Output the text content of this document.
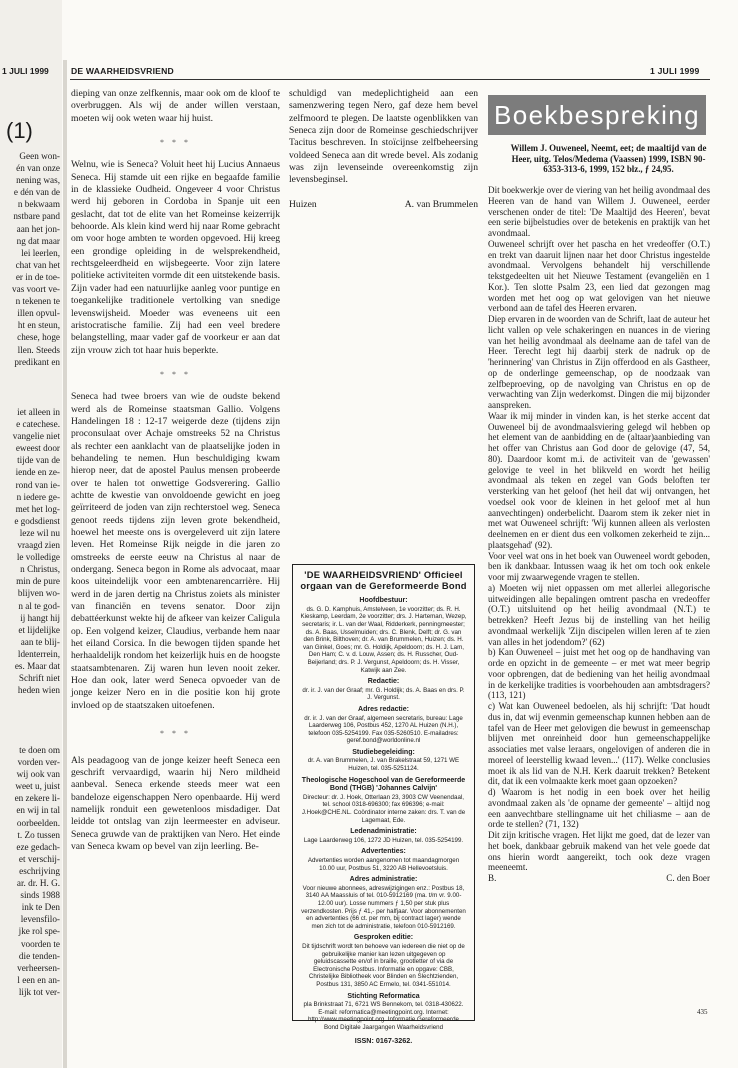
1 JULI 1999
(1)
Geen won-
én van onze
nening was,
e dén van de
n bekwaam
nstbare pand
aan het jon-
ng dat maar
lei leerlen,
chat van het
er in de toe-
vas voort ve-
n tekenen te
illen opvul-
ht en steun,
chese, hoge
llen. Steeds
predikant en
iet alleen in
e catechese.
vangelie niet
eweest door
tijde van de
iende en ze-
rond van ie-
n iedere ge-
met het log-
e godsdienst
leze wil nu
vraagd zien
le volledige
n Christus,
min de pure
blijven wo-
n al te god-
ij hangt hij
et lijdelijke
aan te blij-
ldenterrein,
es. Maar dat
Schrift niet
heden wien
te doen om
vorden ver-
wij ook van
weet u, juist
en zekere li-
en wij in tal
oorbeelden.
t. Zo tussen
eze gedach-
et verschij-
eschrijving
ar. dr. H. G.
sinds 1988
ink te Den
levensfilo-
jke rol spe-
voorden te
die tenden-
verheersen-
l een en an-
lijk tot ver-
DE WAARHEIDSVRIEND	1 JULI 1999

dieping van onze zelfkennis, maar ook om de kloof te overbruggen. Als wij de ander willen verstaan, moeten wij ook weten waar hij huist.

* * *

Welnu, wie is Seneca? Voluit heet hij Lucius Annaeus Seneca. Hij stamde uit een rijke en begaafde familie in de klassieke Oudheid. Ongeveer 4 voor Christus werd hij geboren in Cordoba in Spanje uit een geslacht, dat tot de elite van het Romeinse keizerrijk behoorde. Als klein kind werd hij naar Rome gebracht om voor hoge ambten te worden opgevoed. Hij kreeg een grondige opleiding in de welsprekendheid, rechtsgeleerdheid en wijsbegeerte. Voor zijn latere politieke activiteiten vormde dit een uitstekende basis. Zijn vader had een natuurlijke aanleg voor puntige en toegankelijke traditionele vertolking van snedige levenswijsheid. Moeder was eveneens uit een aristocratische familie. Zij had een veel bredere belangstelling, maar vader gaf de voorkeur er aan dat zijn vrouw zich tot haar huis beperkte.

* * *

Seneca had twee broers van wie de oudste bekend werd als de Romeinse staatsman Gallio. Volgens Handelingen 18 : 12-17 weigerde deze (tijdens zijn proconsulaat over Achaje omstreeks 52 na Christus als rechter een aanklacht van de plaatselijke joden in behandeling te nemen. Hun beschuldiging kwam hierop neer, dat de apostel Paulus mensen probeerde over te halen tot onwettige Godsverering. Gallio achtte de kwestie van onvoldoende gewicht en joeg geïrriteerd de joden van zijn rechterstoel weg. Seneca genoot reeds tijdens zijn leven grote bekendheid, hoewel het meeste ons is overgeleverd uit zijn latere leven. Het Romeinse Rijk neigde in die jaren zo omstreeks de eerste eeuw na Christus al naar de ondergang. Seneca begon in Rome als advocaat, maar koos uiteindelijk voor een ambtenarencarrière. Hij werd in de jaren dertig na Christus zoiets als minister van financiën en tevens senator. Door zijn debattéerkunst wekte hij de afkeer van keizer Caligula op. Een volgend keizer, Claudius, verbande hem naar het eiland Corsica. In die bewogen tijden spande het herhaaldelijk rondom het keizerlijk huis en de hoogste staatsambtenaren. Zij waren hun leven nooit zeker. Hoe dan ook, later werd Seneca opvoeder van de jonge keizer Nero en in die positie kon hij grote invloed op de staatszaken uitoefenen.

* * *

Als peadagoog van de jonge keizer heeft Seneca een geschrift vervaardigd, waarin hij Nero mildheid aanbeval. Seneca erkende steeds meer wat een bandeloze eigenschappen Nero openbaarde. Hij werd namelijk ronduit een gewetenloos misdadiger. Dat leidde tot ontslag van zijn leermeester en adviseur. Seneca gruwde van de praktijken van Nero. Het einde van Seneca kwam op bevel van zijn leerling. Be-

schuldigd van medeplichtigheid aan een samenzwering tegen Nero, gaf deze hem bevel zelfmoord te plegen. De laatste ogenblikken van Seneca zijn door de Romeinse geschiedschrijver Tacitus beschreven. In stoïcijnse zelfbeheersing voldeed Seneca aan dit wrede bevel. Als zodanig was zijn levenseinde overeenkomstig zijn levensbeginsel.

Huizen	A. van Brummelen
'DE WAARHEIDSVRIEND' Officieel orgaan van de Gereformeerde Bond
Hoofdbestuur:
ds. G. D. Kamphuis, Amstelveen, 1e voorzitter; ds. R. H. Kieskamp, Leerdam, 2e voorzitter; drs. J. Harteman, Wezep, secretaris; ir. L. van der Waal, Ridderkerk, penningmeester; ds. A. Baas, Usselmuiden; drs. C. Blenk, Delft; dr. G. van den Brink, Bilthoven; dr. A. van Brummelen, Huizen; ds. H. van Ginkel, Goes; mr. G. Holdijk, Apeldoorn; ds. H. J. Lam, Den Ham; C. v. d. Louw, Assen; ds. H. Russcher, Oud-Beijerland; drs. P. J. Vergunst, Apeldoorn; ds. H. Visser, Katwijk aan Zee.
Redactie:
dr. ir. J. van der Graaf; mr. G. Holdijk; ds. A. Baas en drs. P. J. Vergunst.
Adres redactie:
dr. ir. J. van der Graaf, algemeen secretaris, bureau: Lage Laarderweg 106, Postbus 452, 1270 AL Huizen (N.H.), telefoon 035-5254199. Fax 035-5260510. E-mailadres: geref.bond@worldonline.nl
Studiebegeleiding:
dr. A. van Brummelen, J. van Brakelstraat 59, 1271 WE Huizen, tel. 035-5251124.
Theologische Hogeschool van de Gereformeerde Bond (THGB) 'Johannes Calvijn'
Directeur: dr. J. Hoek, Otterlaan 23, 3903 CW Veenendaal, tel. school 0318-696300; fax 696396; e-mail: J.Hoek@CHE.NL. Coördinator interne zaken: drs. T. van de Lagemaat, Ede.
Ledenadministratie:
Lage Laarderweg 106, 1272 JD Huizen, tel. 035-5254199.
Advertenties:
Advertenties worden aangenomen tot maandagmorgen 10.00 uur, Postbus 51, 3220 AB Hellevoetsluis.
Adres administratie:
Voor nieuwe abonnees, adreswijzigingen enz.: Postbus 18, 3140 AA Maassluis of tel. 010-5912169 (ma. t/m vr. 9.00-12.00 uur). Losse nummers ƒ 1,50 per stuk plus verzendkosten. Prijs ƒ 41,- per halfjaar. Voor abonnementen en advertenties (66 ct. per mm, bij contract lager) wende men zich tot de administratie, telefoon 010-5912169.
Gesproken editie:
Dit tijdschrift wordt ten behoeve van iedereen die niet op de gebruikelijke manier kan lezen uitgegeven op geluidscassette en/of in braille, grootletter of via de Electronische Postbus. Informatie en opgave: CBB, Christelijke Bibliotheek voor Blinden en Slechtzienden, Postbus 131, 3850 AC Ermelo, tel. 0341-551014.
Stichting Reformatica
pla Brinkstraat 71, 6721 WS Bennekom, tel. 0318-430622. E-mail: reformatica@meetingpoint.org. Internet: http://www.meetingpoint.org. Informatie Gereformeerde Bond Digitale Jaargangen Waarheidsvriend
ISSN: 0167-3262.
Boekbespreking
Willem J. Ouweneel, Neemt, eet; de maaltijd van de Heer, uitg. Telos/Medema (Vaassen) 1999, ISBN 90-6353-313-6, 1999, 152 blz., ƒ 24,95.

Dit boekwerkje over de viering van het heilig avondmaal des Heeren van de hand van Willem J. Ouweneel, eerder verschenen onder de titel: 'De Maaltijd des Heeren', bevat een serie bijbelstudies over de betekenis en praktijk van het avondmaal.

Ouweneel schrijft over het pascha en het vredeoffer (O.T.) en trekt van daaruit lijnen naar het door Christus ingestelde avondmaal. Vervolgens behandelt hij verschillende tekstgedeelten uit het Nieuwe Testament (evangeliën en 1 Kor.). Ten slotte Psalm 23, een lied dat gezongen mag worden met het oog op wat gelovigen van het nieuwe verbond aan de tafel des Heeren ervaren.

Diep ervaren in de woorden van de Schrift, laat de auteur het licht vallen op vele schakeringen en nuances in de viering van het heilig avondmaal als deelname aan de tafel van de Heer. Terecht legt hij daarbij sterk de nadruk op de 'herinnering' van Christus in Zijn offerdood en als Gastheer, op de onderlinge gemeenschap, op de noodzaak van zelfbeproeving, op de navolging van Christus en op de verwachting van Zijn wederkomst. Dingen die mij bijzonder aanspreken.

Waar ik mij minder in vinden kan, is het sterke accent dat Ouweneel bij de avondmaalsviering gelegd wil hebben op het element van de aanbidding en de (altaar)aanbieding van het offer van Christus aan God door de gelovige (47, 54, 80). Daardoor komt m.i. de activiteit van de 'gewassen' gelovige te veel in het blikveld en wordt het heilig avondmaal als teken en zegel van Gods beloften ter versterking van het geloof (het heil dat wij ontvangen, het voedsel ook voor de kleinen in het geloof met al hun aanvechtingen) onderbelicht. Daarom stem ik zeker niet in met wat Ouweneel schrijft: 'Wij kunnen alleen als verlosten deelnemen en er dient dus een volkomen zekerheid te zijn... plaatsgehad' (92).

Voor veel wat ons in het boek van Ouweneel wordt geboden, ben ik dankbaar. Intussen waag ik het om toch ook enkele voor mij zwaarwegende vragen te stellen.

a) Moeten wij niet oppassen om met allerlei allegorische uitweidingen alle bepalingen omtrent pascha en vredeoffer (O.T.) uitsluitend op het heilig avondmaal (N.T.) te betrekken? Heeft Jezus bij de instelling van het heilig avondmaal werkelijk 'Zijn discipelen willen leren af te zien van alles in het jodendom?' (62)

b) Kan Ouweneel – juist met het oog op de handhaving van orde en opzicht in de gemeente – er met wat meer begrip voor opbrengen, dat de bediening van het heilig avondmaal in de kerkelijke tradities is voorbehouden aan ambtsdragers? (113, 121)

c) Wat kan Ouweneel bedoelen, als hij schrijft: 'Dat houdt dus in, dat wij evenmin gemeenschap kunnen hebben aan de tafel van de Heer met gelovigen die bewust in gemeenschap blijven met onreinheid door hun gemeenschappelijke associaties met valse leraars, ongelovigen of anderen die in moreel of leerstellig kwaad leven...' (117). Welke conclusies moet ik als lid van de N.H. Kerk daaruit trekken? Betekent dit, dat ik een volmaakte kerk moet gaan opzoeken?

d) Waarom is het nodig in een boek over het heilig avondmaal zaken als 'de opname der gemeente' – altijd nog een aanvechtbare stellingname uit het chiliasme – aan de orde te stellen? (71, 132)

Dit zijn kritische vragen. Het lijkt me goed, dat de lezer van het boek, dankbaar gebruik makend van het vele goede dat ons hierin wordt aangereikt, toch ook deze vragen meeneemt.

B.	C. den Boer
435
